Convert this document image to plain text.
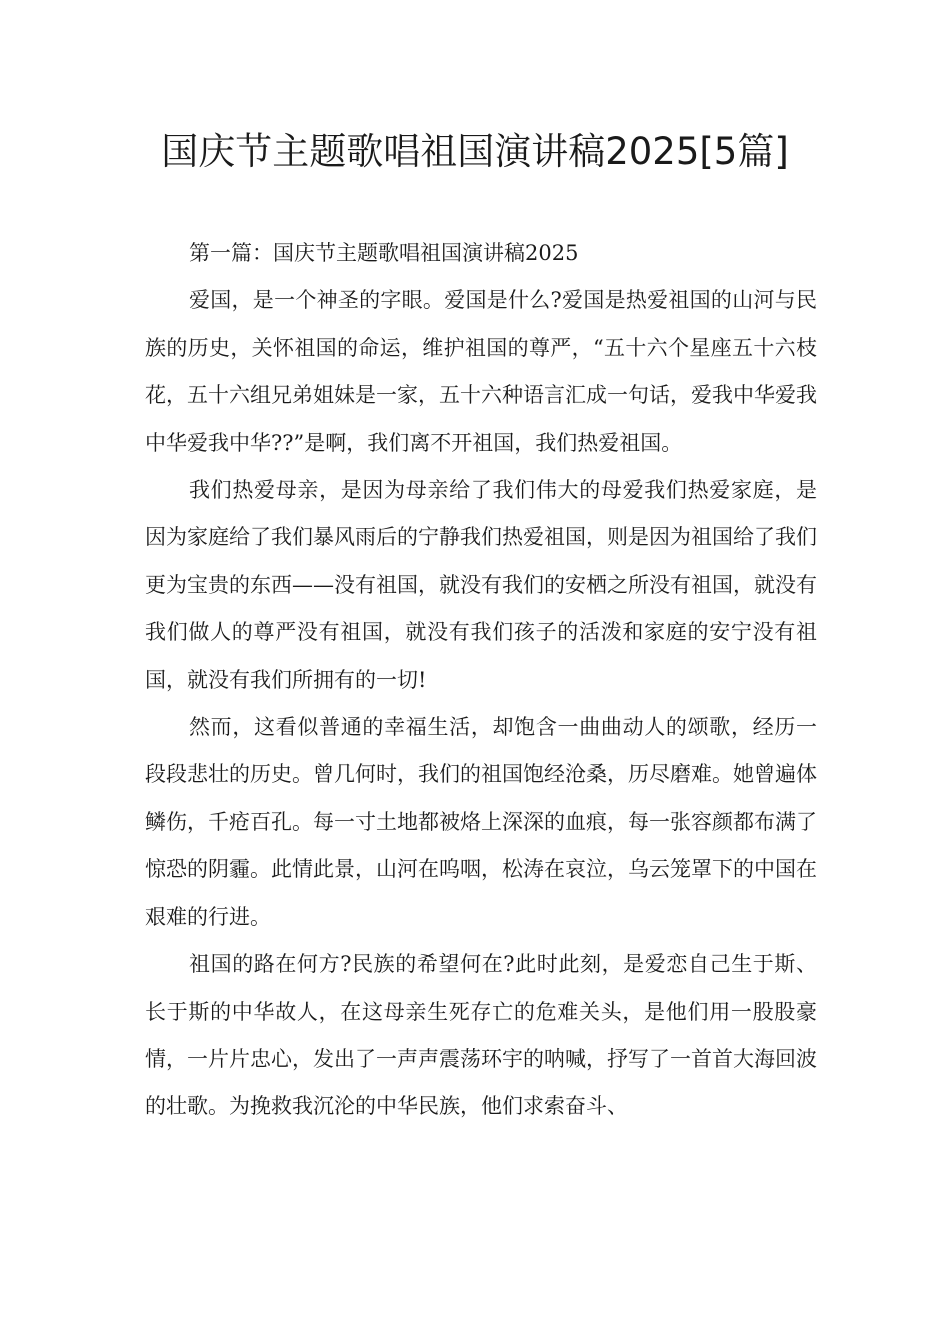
国庆节主题歌唱祖国演讲稿2025[5篇]

第一篇：国庆节主题歌唱祖国演讲稿2025

爱国，是一个神圣的字眼。爱国是什么?爱国是热爱祖国的山河与民族的历史，关怀祖国的命运，维护祖国的尊严，“五十六个星座五十六枝花，五十六组兄弟姐妹是一家，五十六种语言汇成一句话，爱我中华爱我中华爱我中华??”是啊，我们离不开祖国，我们热爱祖国。

我们热爱母亲，是因为母亲给了我们伟大的母爱我们热爱家庭，是因为家庭给了我们暴风雨后的宁静我们热爱祖国，则是因为祖国给了我们更为宝贵的东西——没有祖国，就没有我们的安栖之所没有祖国，就没有我们做人的尊严没有祖国，就没有我们孩子的活泼和家庭的安宁没有祖国，就没有我们所拥有的一切!

然而，这看似普通的幸福生活，却饱含一曲曲动人的颂歌，经历一段段悲壮的历史。曾几何时，我们的祖国饱经沧桑，历尽磨难。她曾遍体鳞伤，千疮百孔。每一寸土地都被烙上深深的血痕，每一张容颜都布满了惊恐的阴霾。此情此景，山河在呜咽，松涛在哀泣，乌云笼罩下的中国在艰难的行进。

祖国的路在何方?民族的希望何在?此时此刻，是爱恋自己生于斯、长于斯的中华故人，在这母亲生死存亡的危难关头，是他们用一股股豪情，一片片忠心，发出了一声声震荡环宇的呐喊，抒写了一首首大海回波的壮歌。为挽救我沉沦的中华民族，他们求索奋斗、
